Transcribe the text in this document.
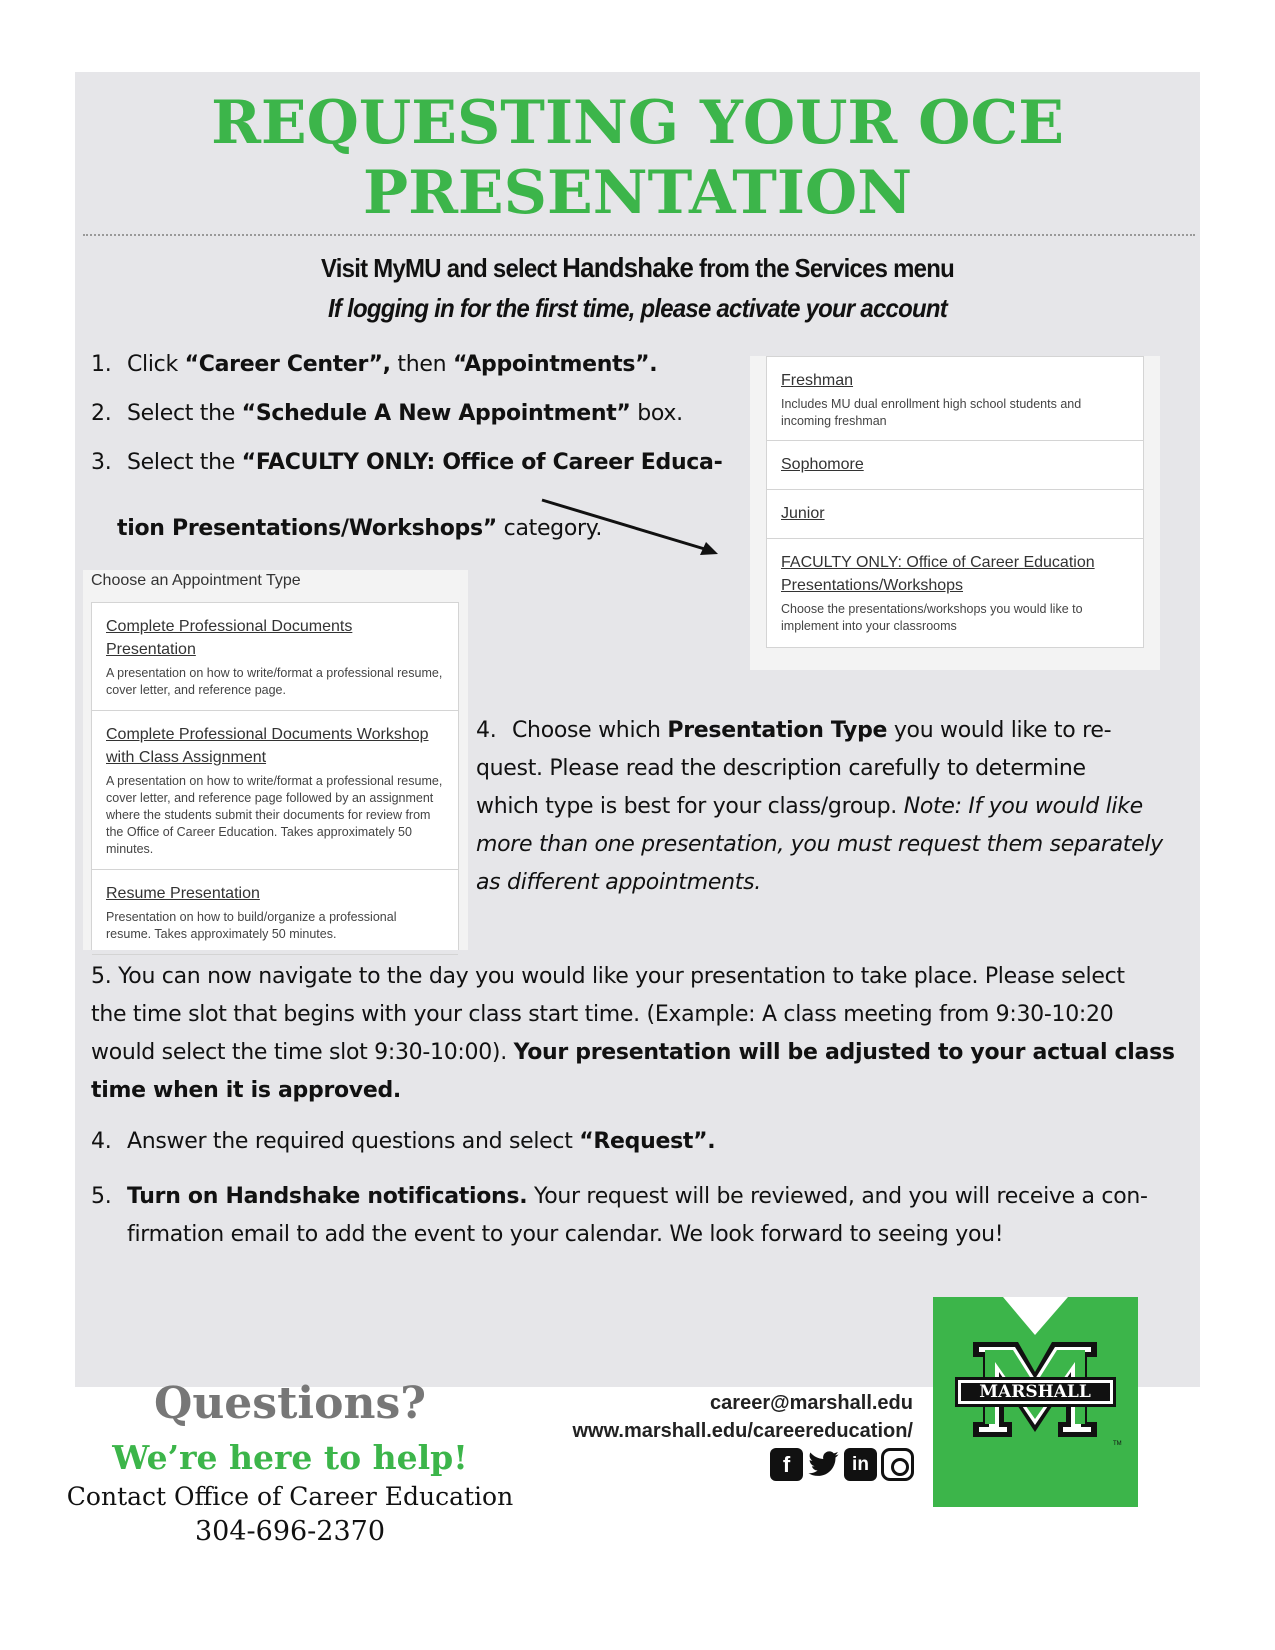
REQUESTING YOUR OCE
PRESENTATION
Visit MyMU and select Handshake from the Services menu
If logging in for the first time, please activate your account
1. Click “Career Center”, then “Appointments”.
2. Select the “Schedule A New Appointment” box.
3. Select the “FACULTY ONLY: Office of Career Educa-
tion Presentations/Workshops” category.
Freshman
Includes MU dual enrollment high school students and incoming freshman
Sophomore
Junior
FACULTY ONLY: Office of Career Education Presentations/Workshops
Choose the presentations/workshops you would like to implement into your classrooms
Choose an Appointment Type
Complete Professional Documents Presentation
A presentation on how to write/format a professional resume, cover letter, and reference page.
Complete Professional Documents Workshop with Class Assignment
A presentation on how to write/format a professional resume, cover letter, and reference page followed by an assignment where the students submit their documents for review from the Office of Career Education. Takes approximately 50 minutes.
Resume Presentation
Presentation on how to build/organize a professional resume. Takes approximately 50 minutes.
4. Choose which Presentation Type you would like to re-
quest. Please read the description carefully to determine
which type is best for your class/group. Note: If you would like
more than one presentation, you must request them separately
as different appointments.
5. You can now navigate to the day you would like your presentation to take place. Please select
the time slot that begins with your class start time. (Example: A class meeting from 9:30-10:20
would select the time slot 9:30-10:00). Your presentation will be adjusted to your actual class
time when it is approved.
4. Answer the required questions and select “Request”.
5. Turn on Handshake notifications. Your request will be reviewed, and you will receive a con-
firmation email to add the event to your calendar. We look forward to seeing you!
Questions?
We’re here to help!
Contact Office of Career Education
304-696-2370
career@marshall.edu
www.marshall.edu/careereducation/
f	in
MARSHALL
TM
